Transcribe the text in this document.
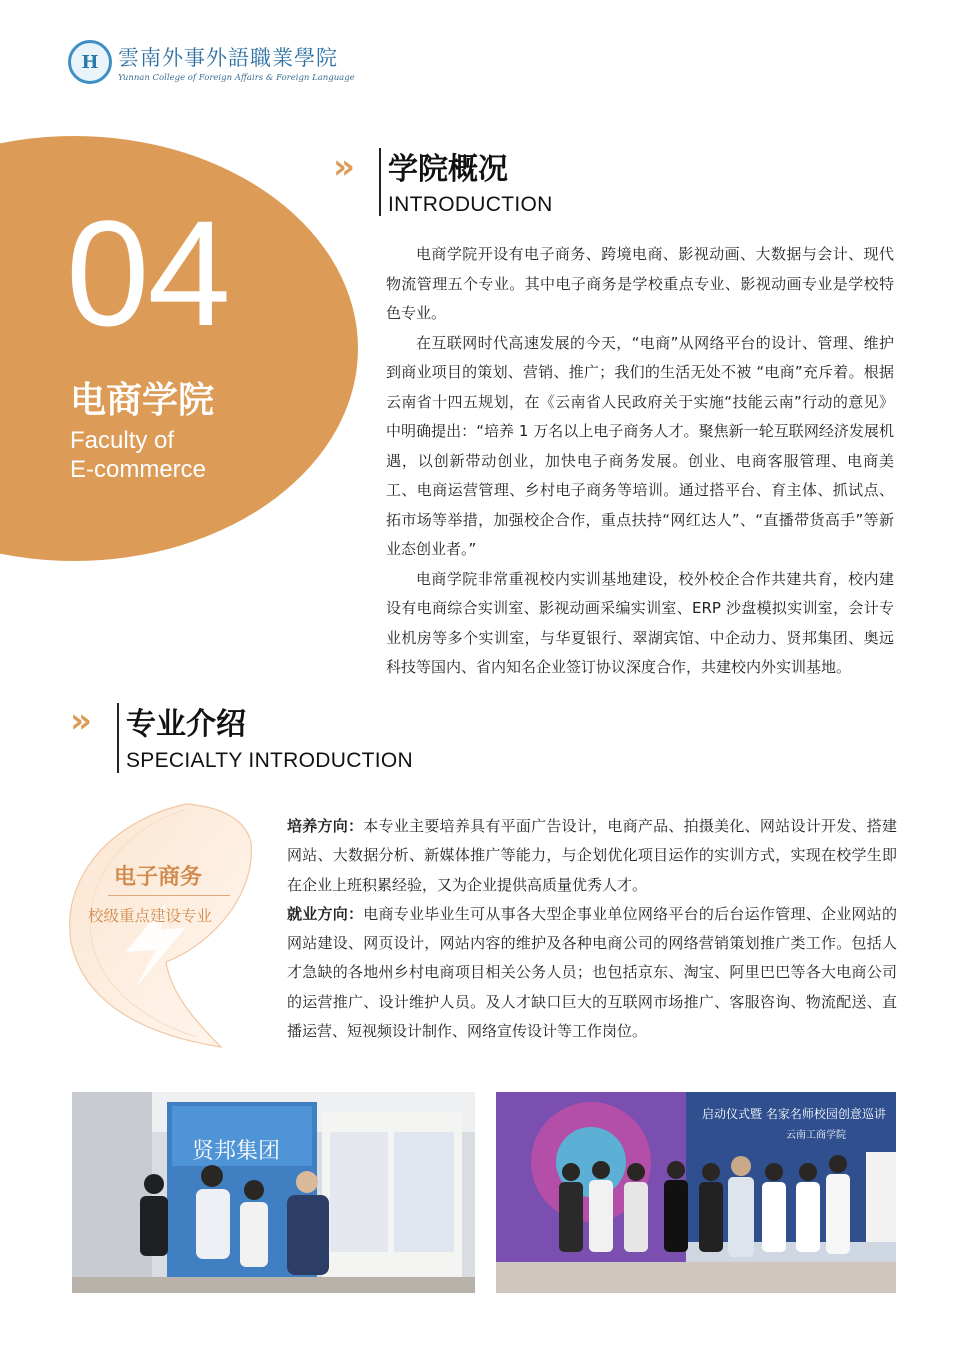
H 雲南外事外語職業學院
Yunnan College of Foreign Affairs & Foreign Language
04
电商学院
Faculty of
E-commerce
» 学院概况
INTRODUCTION

电商学院开设有电子商务、跨境电商、影视动画、大数据与会计、现代物流管理五个专业。其中电子商务是学校重点专业、影视动画专业是学校特色专业。

在互联网时代高速发展的今天，“电商”从网络平台的设计、管理、维护到商业项目的策划、营销、推广；我们的生活无处不被 “电商”充斥着。根据云南省十四五规划，在《云南省人民政府关于实施“技能云南”行动的意见》中明确提出：“培养 1 万名以上电子商务人才。聚焦新一轮互联网经济发展机遇，以创新带动创业，加快电子商务发展。创业、电商客服管理、电商美工、电商运营管理、乡村电子商务等培训。通过搭平台、育主体、抓试点、拓市场等举措，加强校企合作，重点扶持“网红达人”、“直播带货高手”等新业态创业者。”

电商学院非常重视校内实训基地建设，校外校企合作共建共育，校内建设有电商综合实训室、影视动画采编实训室、ERP 沙盘模拟实训室，会计专业机房等多个实训室，与华夏银行、翠湖宾馆、中企动力、贤邦集团、奥远科技等国内、省内知名企业签订协议深度合作，共建校内外实训基地。

» 专业介绍
SPECIALTY INTRODUCTION
电子商务
校级重点建设专业

培养方向：本专业主要培养具有平面广告设计，电商产品、拍摄美化、网站设计开发、搭建网站、大数据分析、新媒体推广等能力，与企划优化项目运作的实训方式，实现在校学生即在企业上班积累经验，又为企业提供高质量优秀人才。

就业方向：电商专业毕业生可从事各大型企事业单位网络平台的后台运作管理、企业网站的网站建设、网页设计，网站内容的维护及各种电商公司的网络营销策划推广类工作。包括人才急缺的各地州乡村电商项目相关公务人员；也包括京东、淘宝、阿里巴巴等各大电商公司的运营推广、设计维护人员。及人才缺口巨大的互联网市场推广、客服咨询、物流配送、直播运营、短视频设计制作、网络宣传设计等工作岗位。

贤邦集团
启动仪式暨 名家名师校园创意巡讲
云南工商学院
